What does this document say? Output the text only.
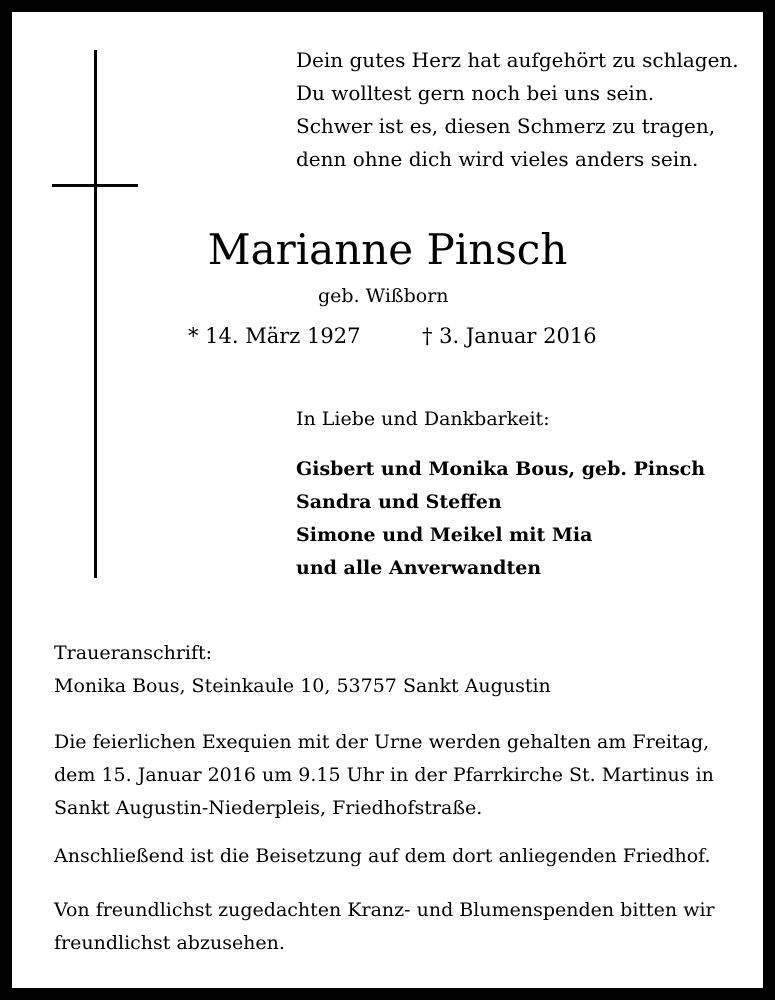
Dein gutes Herz hat aufgehört zu schlagen.
Du wolltest gern noch bei uns sein.
Schwer ist es, diesen Schmerz zu tragen,
denn ohne dich wird vieles anders sein.
Marianne Pinsch
geb. Wißborn
* 14. März 1927	† 3. Januar 2016
In Liebe und Dankbarkeit:
Gisbert und Monika Bous, geb. Pinsch
Sandra und Steffen
Simone und Meikel mit Mia
und alle Anverwandten
Traueranschrift:
Monika Bous, Steinkaule 10, 53757 Sankt Augustin
Die feierlichen Exequien mit der Urne werden gehalten am Freitag,
dem 15. Januar 2016 um 9.15 Uhr in der Pfarrkirche St. Martinus in
Sankt Augustin-Niederpleis, Friedhofstraße.
Anschließend ist die Beisetzung auf dem dort anliegenden Friedhof.
Von freundlichst zugedachten Kranz- und Blumenspenden bitten wir
freundlichst abzusehen.
